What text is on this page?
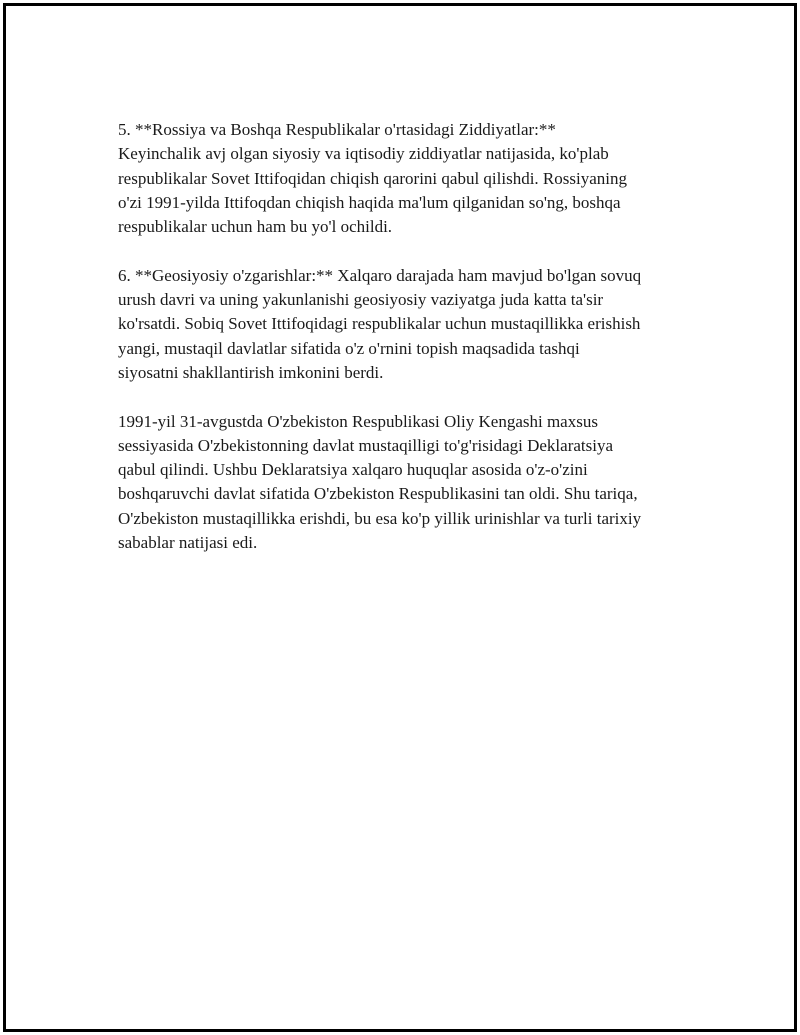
5. **Rossiya va Boshqa Respublikalar o'rtasidagi Ziddiyatlar:**
Keyinchalik avj olgan siyosiy va iqtisodiy ziddiyatlar natijasida, ko'plab
respublikalar Sovet Ittifoqidan chiqish qarorini qabul qilishdi. Rossiyaning
o'zi 1991-yilda Ittifoqdan chiqish haqida ma'lum qilganidan so'ng, boshqa
respublikalar uchun ham bu yo'l ochildi.

6. **Geosiyosiy o'zgarishlar:** Xalqaro darajada ham mavjud bo'lgan sovuq
urush davri va uning yakunlanishi geosiyosiy vaziyatga juda katta ta'sir
ko'rsatdi. Sobiq Sovet Ittifoqidagi respublikalar uchun mustaqillikka erishish
yangi, mustaqil davlatlar sifatida o'z o'rnini topish maqsadida tashqi
siyosatni shakllantirish imkonini berdi.

1991-yil 31-avgustda O'zbekiston Respublikasi Oliy Kengashi maxsus
sessiyasida O'zbekistonning davlat mustaqilligi to'g'risidagi Deklaratsiya
qabul qilindi. Ushbu Deklaratsiya xalqaro huquqlar asosida o'z-o'zini
boshqaruvchi davlat sifatida O'zbekiston Respublikasini tan oldi. Shu tariqa,
O'zbekiston mustaqillikka erishdi, bu esa ko'p yillik urinishlar va turli tarixiy
sabablar natijasi edi.
